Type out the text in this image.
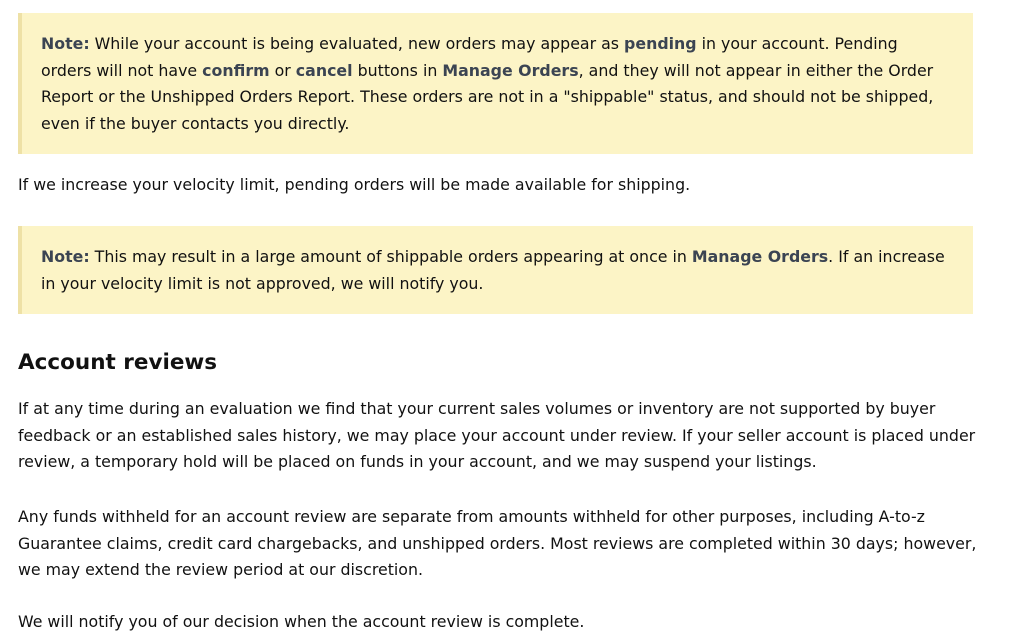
Note: While your account is being evaluated, new orders may appear as pending in your account. Pending orders will not have confirm or cancel buttons in Manage Orders, and they will not appear in either the Order Report or the Unshipped Orders Report. These orders are not in a "shippable" status, and should not be shipped, even if the buyer contacts you directly.

If we increase your velocity limit, pending orders will be made available for shipping.

Note: This may result in a large amount of shippable orders appearing at once in Manage Orders. If an increase in your velocity limit is not approved, we will notify you.
Account reviews

If at any time during an evaluation we find that your current sales volumes or inventory are not supported by buyer feedback or an established sales history, we may place your account under review. If your seller account is placed under review, a temporary hold will be placed on funds in your account, and we may suspend your listings.

Any funds withheld for an account review are separate from amounts withheld for other purposes, including A-to-z Guarantee claims, credit card chargebacks, and unshipped orders. Most reviews are completed within 30 days; however, we may extend the review period at our discretion.

We will notify you of our decision when the account review is complete.
